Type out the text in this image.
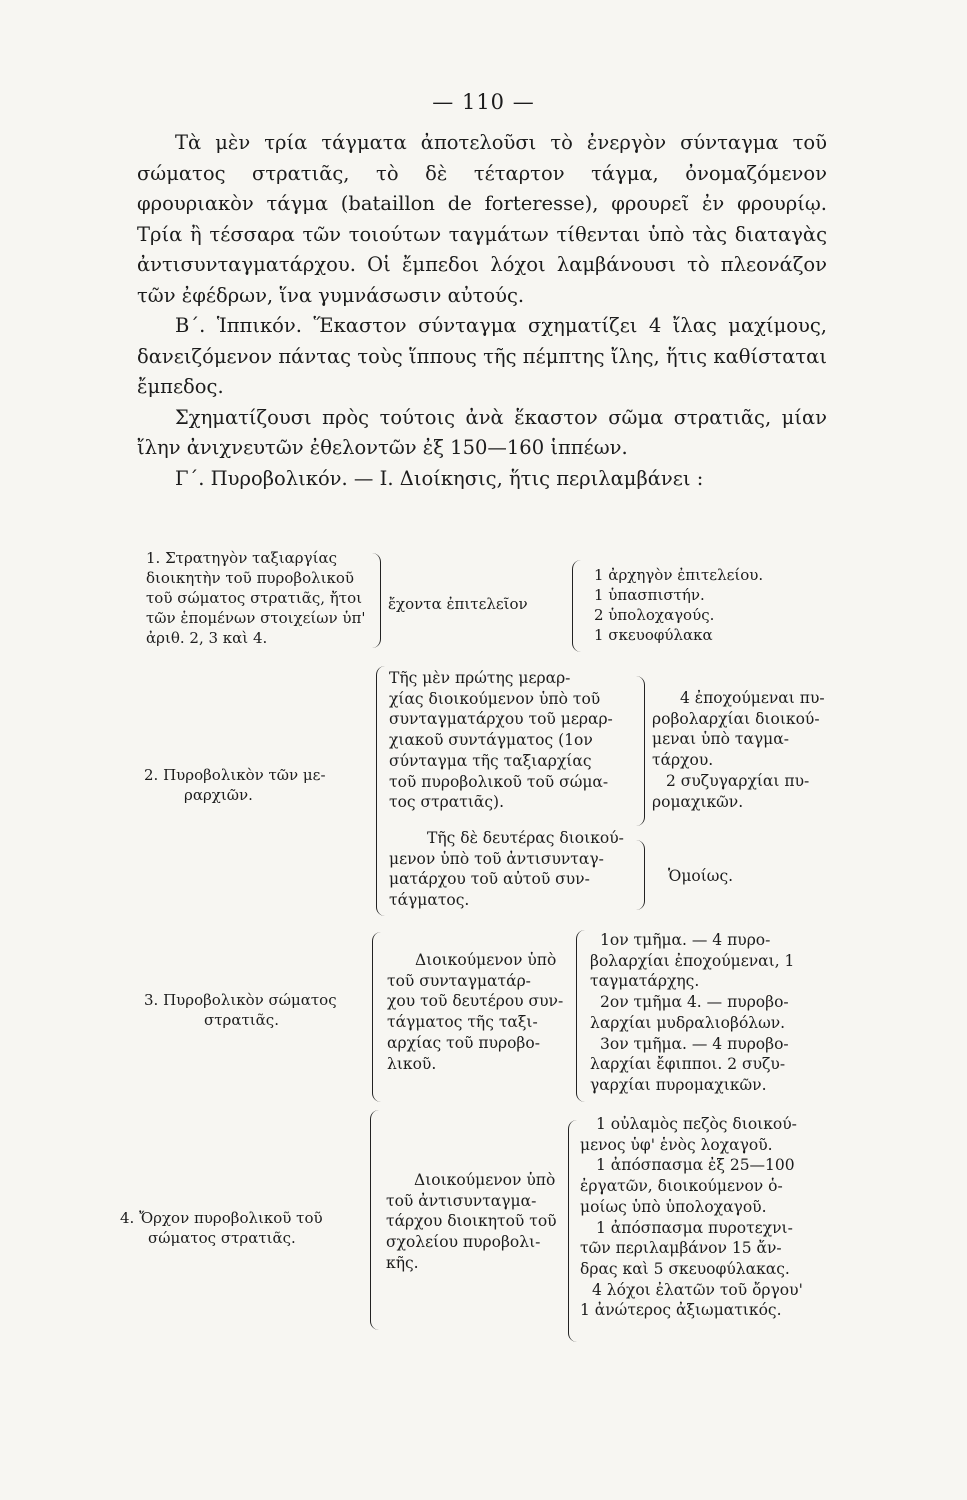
— 110 —

Τὰ μὲν τρία τάγματα ἀποτελοῦσι τὸ ἐνεργὸν σύνταγμα τοῦ σώματος στρατιᾶς, τὸ δὲ τέταρτον τάγμα, ὀνομαζόμενον φρουριακὸν τάγμα (bataillon de forteresse), φρουρεῖ ἐν φρουρίῳ. Τρία ἢ τέσσαρα τῶν τοιούτων ταγμάτων τίθενται ὑπὸ τὰς διαταγὰς ἀντισυνταγματάρχου. Οἱ ἔμπεδοι λόχοι λαμβάνουσι τὸ πλεονάζον τῶν ἐφέδρων, ἵνα γυμνάσωσιν αὐτούς.

Β΄. Ἱππικόν. Ἕκαστον σύνταγμα σχηματίζει 4 ἴλας μαχίμους, δανειζόμενον πάντας τοὺς ἵππους τῆς πέμπτης ἴλης, ἥτις καθίσταται ἔμπεδος.

Σχηματίζουσι πρὸς τούτοις ἀνὰ ἕκαστον σῶμα στρατιᾶς, μίαν ἴλην ἀνιχνευτῶν ἐθελοντῶν ἐξ 150—160 ἱππέων.

Γ΄. Πυροβολικόν. — Ι. Διοίκησις, ἥτις περιλαμβάνει :

1. Στρατηγὸν ταξιαργίας
διοικητὴν τοῦ πυροβολικοῦ
τοῦ σώματος στρατιᾶς, ἤτοι
τῶν ἑπομένων στοιχείων ὑπ'
ἀριθ. 2, 3 καὶ 4.
ἔχοντα ἐπιτελεῖον
1 ἀρχηγὸν ἐπιτελείου.
1 ὑπασπιστήν.
2 ὑπολοχαγούς.
1 σκευοφύλακα
2. Πυροβολικὸν τῶν με-
ραρχιῶν.
Τῆς μὲν πρώτης μεραρ-
χίας διοικούμενον ὑπὸ τοῦ
συνταγματάρχου τοῦ μεραρ-
χιακοῦ συντάγματος (1ον
σύνταγμα τῆς ταξιαρχίας
τοῦ πυροβολικοῦ τοῦ σώμα-
τος στρατιᾶς).
Τῆς δὲ δευτέρας διοικού-
μενον ὑπὸ τοῦ ἀντισυνταγ-
ματάρχου τοῦ αὐτοῦ συν-
τάγματος.
4 ἐποχούμεναι πυ-
ροβολαρχίαι διοικού-
μεναι ὑπὸ ταγμα-
τάρχου.
2 συζυγαρχίαι πυ-
ρομαχικῶν.
Ὁμοίως.
3. Πυροβολικὸν σώματος
στρατιᾶς.
Διοικούμενον ὑπὸ
τοῦ συνταγματάρ-
χου τοῦ δευτέρου συν-
τάγματος τῆς ταξι-
αρχίας τοῦ πυροβο-
λικοῦ.
1ον τμῆμα. — 4 πυρο-
βολαρχίαι ἐποχούμεναι, 1
ταγματάρχης.
2ον τμῆμα 4. — πυροβο-
λαρχίαι μυδραλιοβόλων.
3ον τμῆμα. — 4 πυροβο-
λαρχίαι ἔφιπποι. 2 συζυ-
γαρχίαι πυρομαχικῶν.
4. Ὄρχον πυροβολικοῦ τοῦ
σώματος στρατιᾶς.
Διοικούμενον ὑπὸ
τοῦ ἀντισυνταγμα-
τάρχου διοικητοῦ τοῦ
σχολείου πυροβολι-
κῆς.
1 οὐλαμὸς πεζὸς διοικού-
μενος ὑφ' ἑνὸς λοχαγοῦ.
1 ἀπόσπασμα ἐξ 25—100
ἐργατῶν, διοικούμενον ὁ-
μοίως ὑπὸ ὑπολοχαγοῦ.
1 ἀπόσπασμα πυροτεχνι-
τῶν περιλαμβάνον 15 ἄν-
δρας καὶ 5 σκευοφύλακας.
4 λόχοι ἐλατῶν τοῦ ὄργου'
1 ἀνώτερος ἀξιωματικός.
